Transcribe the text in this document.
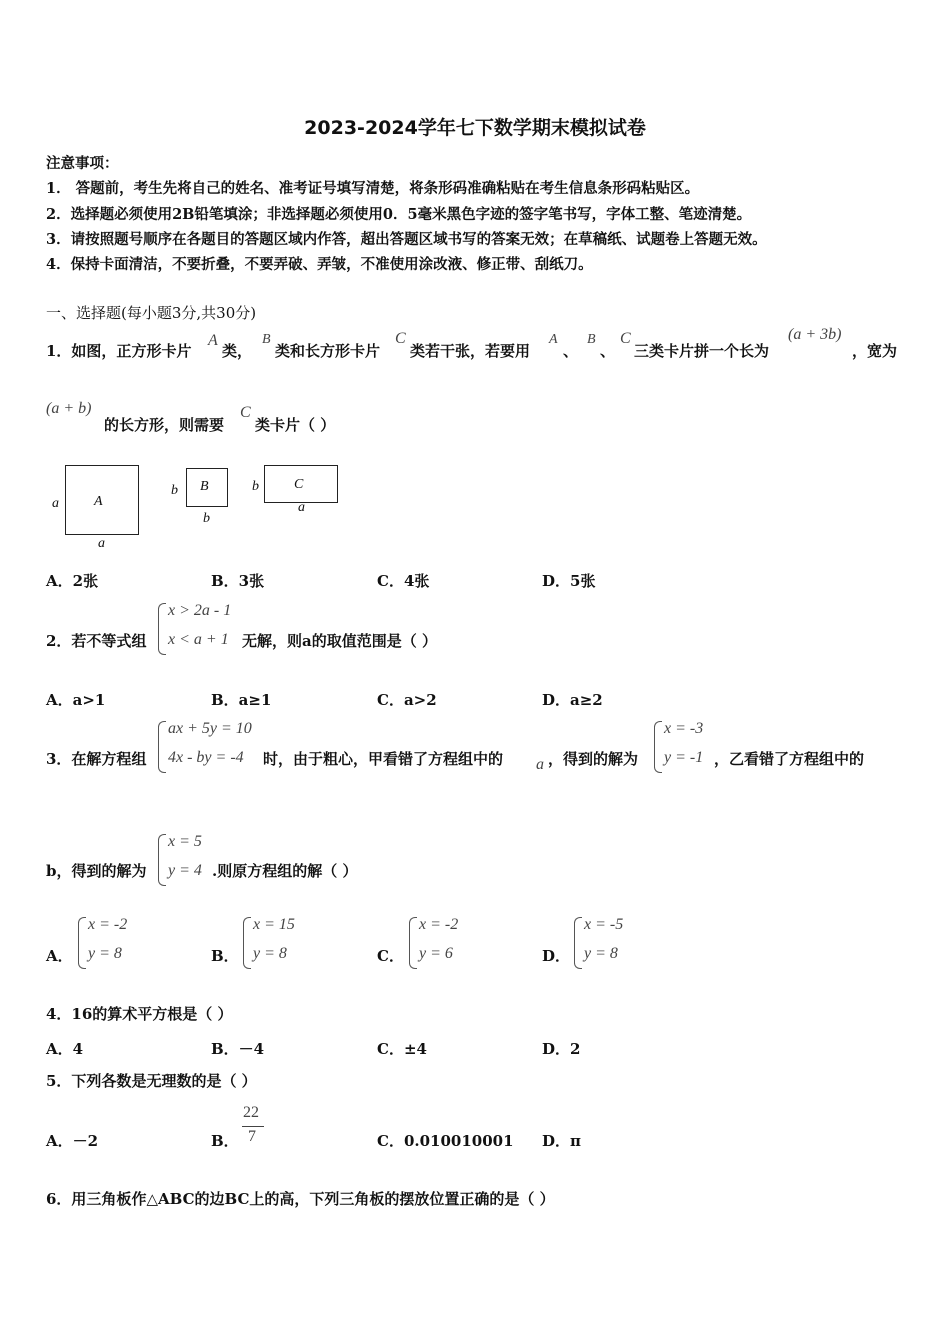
2023-2024学年七下数学期末模拟试卷
注意事项：
1． 答题前，考生先将自己的姓名、准考证号填写清楚，将条形码准确粘贴在考生信息条形码粘贴区。
2．选择题必须使用2B铅笔填涂；非选择题必须使用0．5毫米黑色字迹的签字笔书写，字体工整、笔迹清楚。
3．请按照题号顺序在各题目的答题区域内作答，超出答题区域书写的答案无效；在草稿纸、试题卷上答题无效。
4．保持卡面清洁，不要折叠，不要弄破、弄皱，不准使用涂改液、修正带、刮纸刀。
一、选择题(每小题3分,共30分)
1．如图，正方形卡片
A
类，
B
类和长方形卡片
C
类若干张，若要用
A
、
B
、
C
三类卡片拼一个长为
(a + 3b)
，宽为
(a + b)
的长方形，则需要
C
类卡片（ ）
A
a
a
B
b
b
C
b
a
A．2张	B．3张	C．4张	D．5张
2．若不等式组
x > 2a - 1
x < a + 1 无解，则a的取值范围是（ ）
A．a>1	B．a≥1	C．a>2	D．a≥2
3．在解方程组
ax + 5y = 10
4x - by = -4 时，由于粗心，甲看错了方程组中的 a ，得到的解为
x = -3
y = -1 ，乙看错了方程组中的
b，得到的解为
x = 5
y = 4 .则原方程组的解（ ）
A．
x = -2
y = 8	B．
x = 15
y = 8	C．
x = -2
y = 6	D．
x = -5
y = 8
4．16的算术平方根是（ ）
A．4	B．－4	C．±4	D．2
5．下列各数是无理数的是（ ）
A．－2	B．
22
7	C．0.010010001 D．π
6．用三角板作△ABC的边BC上的高，下列三角板的摆放位置正确的是（ ）
